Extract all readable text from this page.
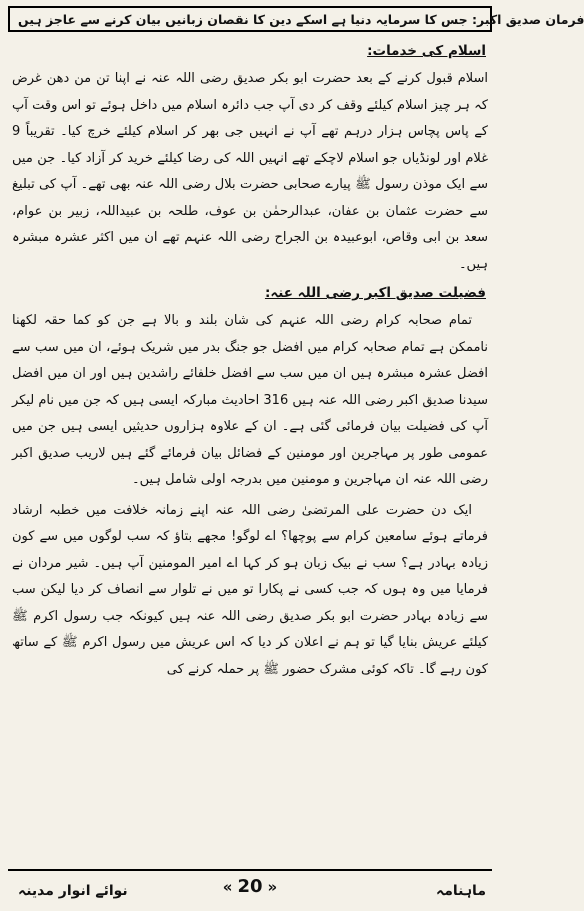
فرمان صدیق اکبر: جس کا سرمایہ دنیا ہے اسکے دین کا نقصان زبانیں بیان کرنے سے عاجز ہیں
اسلام کی خدمات:

اسلام قبول کرنے کے بعد حضرت ابو بکر صدیق رضی اللہ عنہ نے اپنا تن من دھن غرض کہ ہر چیز اسلام کیلئے وقف کر دی آپ جب دائرہ اسلام میں داخل ہوئے تو اس وقت آپ کے پاس پچاس ہزار درہم تھے آپ نے انہیں جی بھر کر اسلام کیلئے خرچ کیا۔ تقریباً 9 غلام اور لونڈیاں جو اسلام لاچکے تھے انہیں اللہ کی رضا کیلئے خرید کر آزاد کیا۔ جن میں سے ایک موذن رسول ﷺ پیارے صحابی حضرت بلال رضی اللہ عنہ بھی تھے۔ آپ کی تبلیغ سے حضرت عثمان بن عفان، عبدالرحمٰن بن عوف، طلحہ بن عبیداللہ، زبیر بن عوام، سعد بن ابی وقاص، ابوعبیدہ بن الجراح رضی اللہ عنہم تھے ان میں اکثر عشرہ مبشرہ ہیں۔

فضیلت صدیق اکبر رضی اللہ عنہ:

تمام صحابہ کرام رضی اللہ عنہم کی شان بلند و بالا ہے جن کو کما حقہ لکھنا ناممکن ہے تمام صحابہ کرام میں افضل جو جنگ بدر میں شریک ہوئے، ان میں سب سے افضل عشرہ مبشرہ ہیں ان میں سب سے افضل خلفائے راشدین ہیں اور ان میں افضل سیدنا صدیق اکبر رضی اللہ عنہ ہیں 316 احادیث مبارکہ ایسی ہیں کہ جن میں نام لیکر آپ کی فضیلت بیان فرمائی گئی ہے۔ ان کے علاوہ ہزاروں حدیثیں ایسی ہیں جن میں عمومی طور پر مہاجرین اور مومنین کے فضائل بیان فرمائے گئے ہیں لاریب صدیق اکبر رضی اللہ عنہ ان مہاجرین و مومنین میں بدرجہ اولی شامل ہیں۔

ایک دن حضرت علی المرتضیٰ رضی اللہ عنہ اپنے زمانہ خلافت میں خطبہ ارشاد فرماتے ہوئے سامعین کرام سے پوچھا؟ اے لوگو! مجھے بتاؤ کہ سب لوگوں میں سے کون زیادہ بہادر ہے؟ سب نے بیک زبان ہو کر کہا اے امیر المومنین آپ ہیں۔ شیر مردان نے فرمایا میں وہ ہوں کہ جب کسی نے پکارا تو میں نے تلوار سے انصاف کر دیا لیکن سب سے زیادہ بہادر حضرت ابو بکر صدیق رضی اللہ عنہ ہیں کیونکہ جب رسول اکرم ﷺ کیلئے عریش بنایا گیا تو ہم نے اعلان کر دیا کہ اس عریش میں رسول اکرم ﷺ کے ساتھ کون رہے گا۔ تاکہ کوئی مشرک حضور ﷺ پر حملہ کرنے کی

ماہنامہ
« 20 »
نوائے انوار مدینہ
